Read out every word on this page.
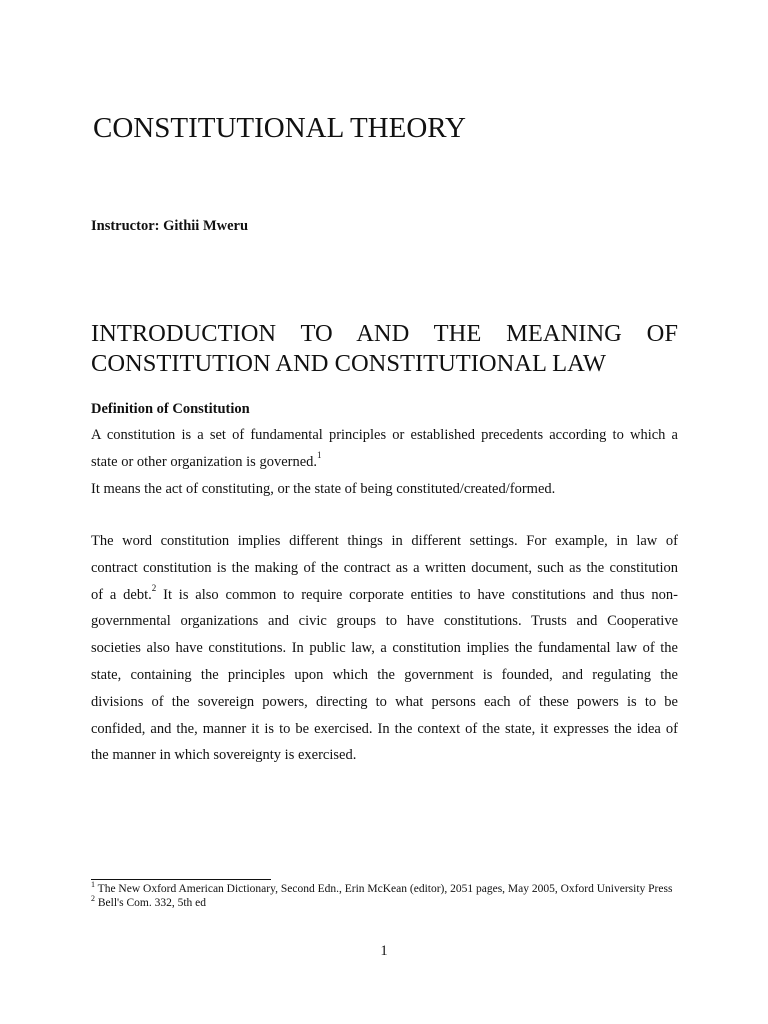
CONSTITUTIONAL THEORY
Instructor: Githii Mweru
INTRODUCTION TO AND THE MEANING OF
CONSTITUTION AND CONSTITUTIONAL LAW
Definition of Constitution
A constitution is a set of fundamental principles or established precedents according to which a
state or other organization is governed.$^1$
It means the act of constituting, or the state of being constituted/created/formed.
The word constitution implies different things in different settings. For example, in law of
contract constitution is the making of the contract as a written document, such as the constitution
of a debt.$^2$ It is also common to require corporate entities to have constitutions and thus non-
governmental organizations and civic groups to have constitutions. Trusts and Cooperative
societies also have constitutions. In public law, a constitution implies the fundamental law of the
state, containing the principles upon which the government is founded, and regulating the
divisions of the sovereign powers, directing to what persons each of these powers is to be
confided, and the, manner it is to be exercised. In the context of the state, it expresses the idea of
the manner in which sovereignty is exercised.
$^1$ The New Oxford American Dictionary, Second Edn., Erin McKean (editor), 2051 pages, May 2005, Oxford University Press
$^2$ Bell's Com. 332, 5th ed
1
